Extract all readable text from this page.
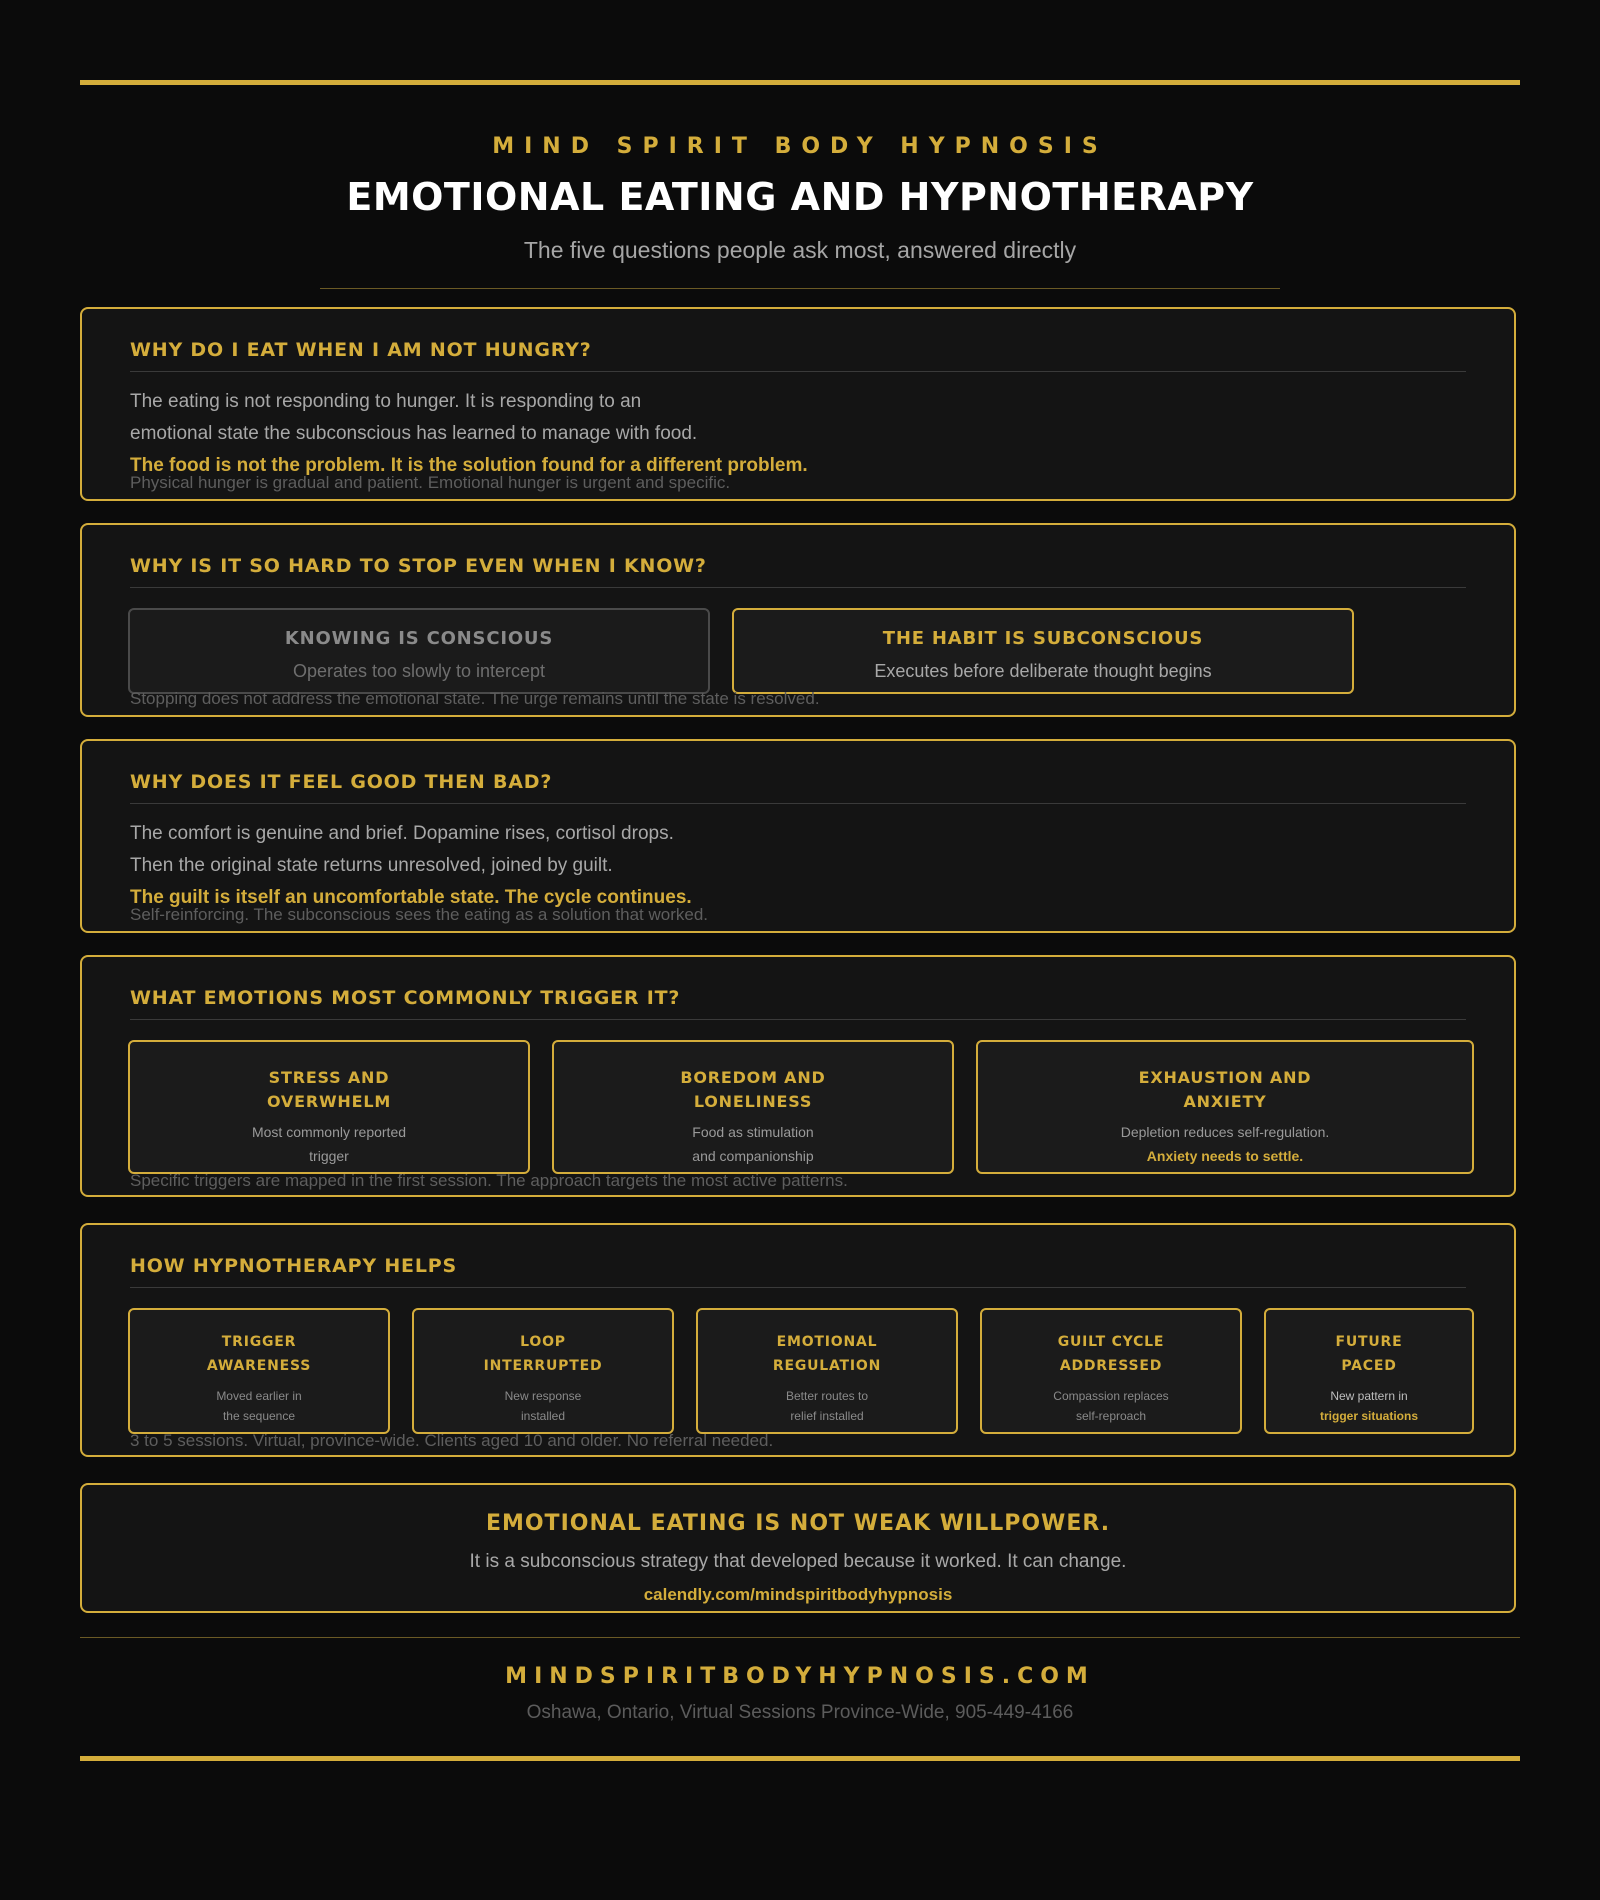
MIND SPIRIT BODY HYPNOSIS
EMOTIONAL EATING AND HYPNOTHERAPY
The five questions people ask most, answered directly
WHY DO I EAT WHEN I AM NOT HUNGRY?
The eating is not responding to hunger. It is responding to an
emotional state the subconscious has learned to manage with food.
The food is not the problem. It is the solution found for a different problem.
Physical hunger is gradual and patient. Emotional hunger is urgent and specific.
WHY IS IT SO HARD TO STOP EVEN WHEN I KNOW?
KNOWING IS CONSCIOUS
Operates too slowly to intercept
THE HABIT IS SUBCONSCIOUS
Executes before deliberate thought begins
Stopping does not address the emotional state. The urge remains until the state is resolved.
WHY DOES IT FEEL GOOD THEN BAD?
The comfort is genuine and brief. Dopamine rises, cortisol drops.
Then the original state returns unresolved, joined by guilt.
The guilt is itself an uncomfortable state. The cycle continues.
Self-reinforcing. The subconscious sees the eating as a solution that worked.
WHAT EMOTIONS MOST COMMONLY TRIGGER IT?
STRESS AND
OVERWHELM
Most commonly reported
trigger
BOREDOM AND
LONELINESS
Food as stimulation
and companionship
EXHAUSTION AND
ANXIETY
Depletion reduces self-regulation.
Anxiety needs to settle.
Specific triggers are mapped in the first session. The approach targets the most active patterns.
HOW HYPNOTHERAPY HELPS
TRIGGER
AWARENESS
Moved earlier in
the sequence
LOOP
INTERRUPTED
New response
installed
EMOTIONAL
REGULATION
Better routes to
relief installed
GUILT CYCLE
ADDRESSED
Compassion replaces
self-reproach
FUTURE
PACED
New pattern in
trigger situations
3 to 5 sessions. Virtual, province-wide. Clients aged 10 and older. No referral needed.
EMOTIONAL EATING IS NOT WEAK WILLPOWER.
It is a subconscious strategy that developed because it worked. It can change.
calendly.com/mindspiritbodyhypnosis
MINDSPIRITBODYHYPNOSIS.COM
Oshawa, Ontario, Virtual Sessions Province-Wide, 905-449-4166
